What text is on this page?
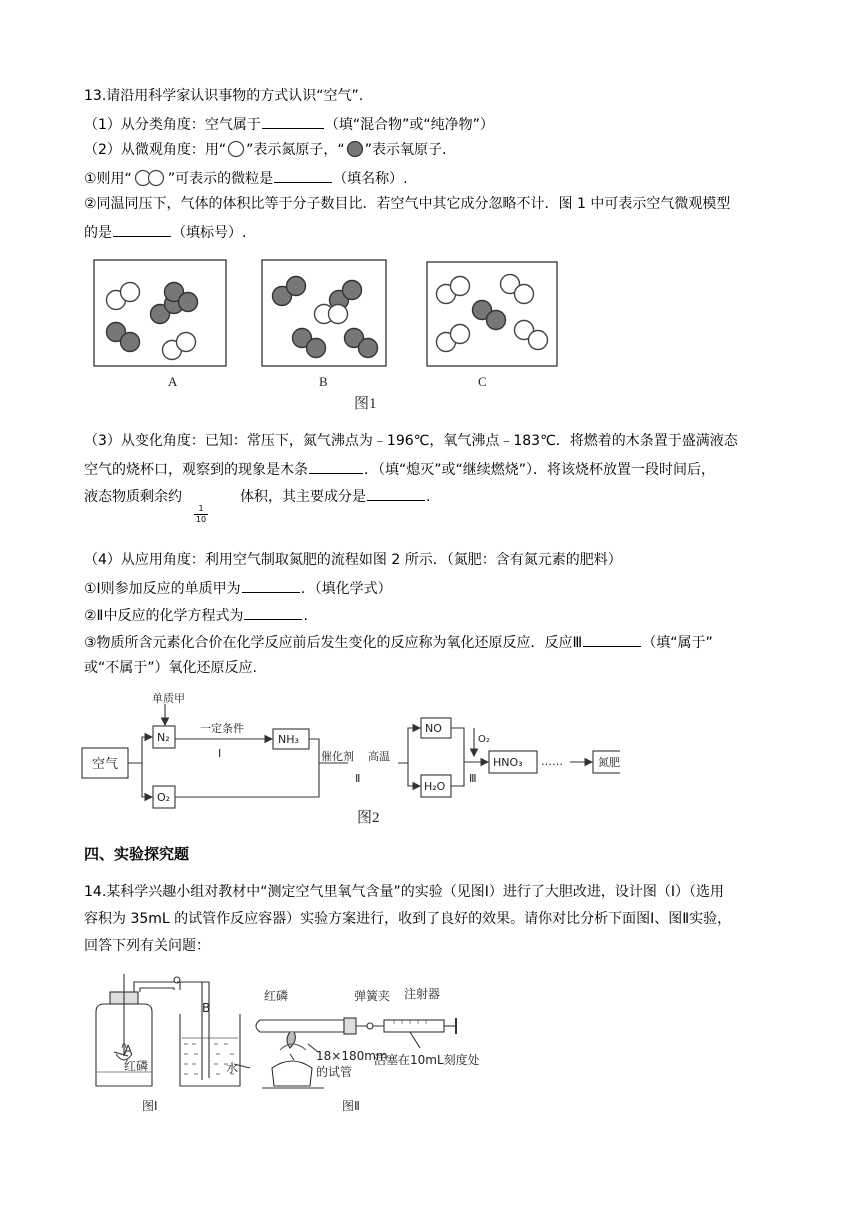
13.请沿用科学家认识事物的方式认识“空气”.
（1）从分类角度：空气属于	（填“混合物”或“纯净物”）
（2）从微观角度：用“ ”表示氮原子，“ ”表示氧原子.
①则用“	”可表示的微粒是	（填名称）.
②同温同压下，气体的体积比等于分子数目比．若空气中其它成分忽略不计．图 1 中可表示空气微观模型
的是	（填标号）.
A	B	C
图1
（3）从变化角度：已知：常压下，氮气沸点为﹣196℃，氧气沸点﹣183℃．将燃着的木条置于盛满液态
空气的烧杯口，观察到的现象是木条	．（填“熄灭”或“继续燃烧”）．将该烧杯放置一段时间后，
液态物质剩余约	体积，其主要成分是	.
$\frac{1}{10}$
（4）从应用角度：利用空气制取氮肥的流程如图 2 所示．（氮肥：含有氮元素的肥料）
①Ⅰ则参加反应的单质甲为	．（填化学式）
②Ⅱ中反应的化学方程式为	.
③物质所含元素化合价在化学反应前后发生变化的反应称为氧化还原反应．反应Ⅲ	（填“属于”
或“不属于”）氧化还原反应.
空气
N₂
O₂
NH₃
NO
H₂O
HNO₃	氮肥
单质甲
一定条件
Ⅰ	催化剂 高温
Ⅱ
O₂
Ⅲ
……
图2
四、实验探究题
14.某科学兴趣小组对教材中“测定空气里氧气含量”的实验（见图Ⅰ）进行了大胆改进，设计图（Ⅰ）（选用
容积为 35mL 的试管作反应容器）实验方案进行，收到了良好的效果。请你对比分析下面图Ⅰ、图Ⅱ实验，
回答下列有关问题：
A
B
红磷	水
图Ⅰ
红磷	弹簧夹 注射器
18×180mm
的试管
活塞在10mL刻度处
图Ⅱ
